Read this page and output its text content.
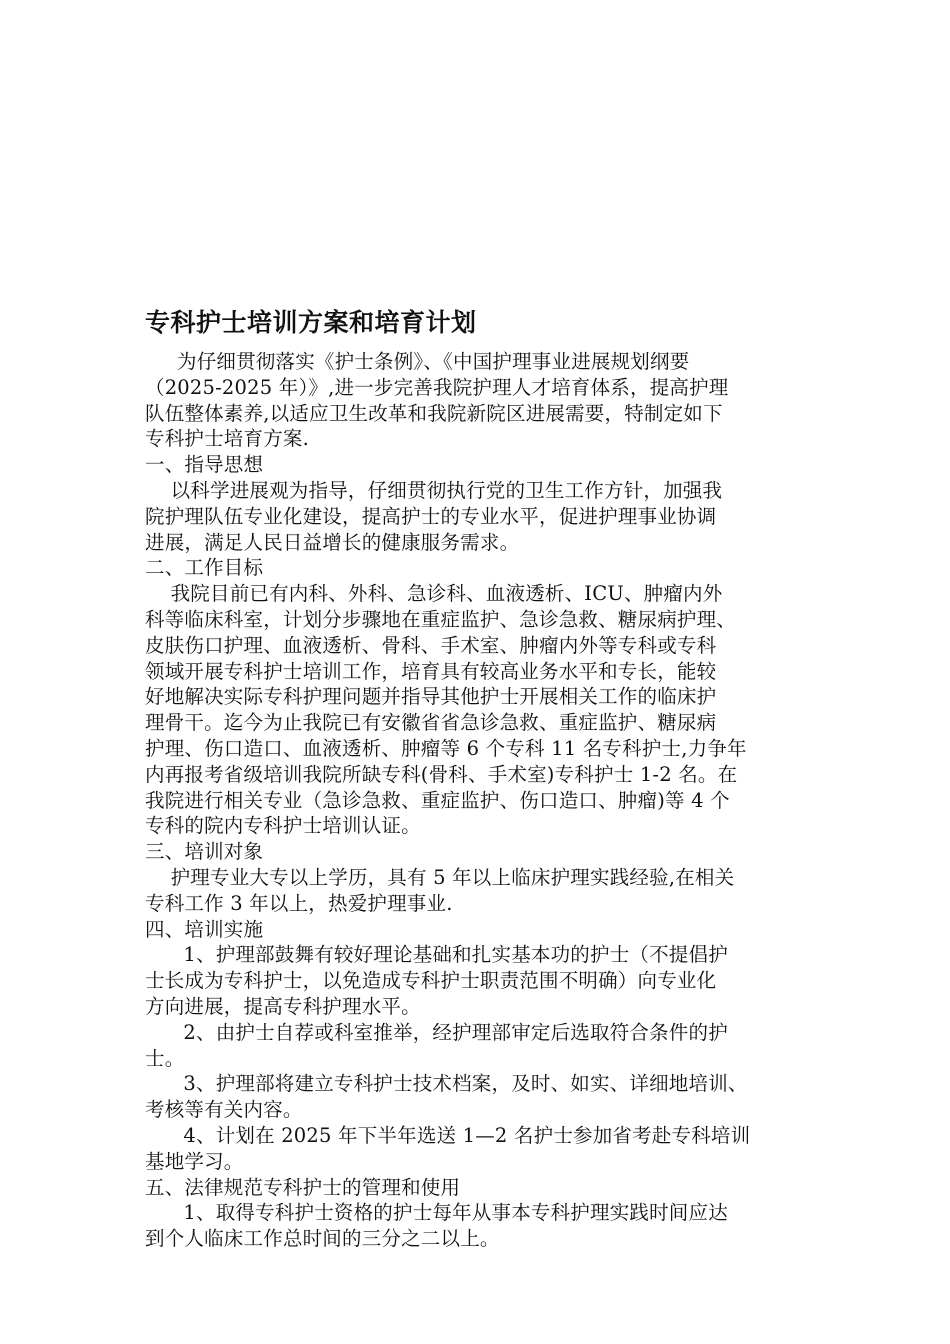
专科护士培训方案和培育计划
为仔细贯彻落实《护士条例》、《中国护理事业进展规划纲要
（2025-2025 年）》,进一步完善我院护理人才培育体系，提高护理
队伍整体素养,以适应卫生改革和我院新院区进展需要，特制定如下
专科护士培育方案.
一、指导思想
以科学进展观为指导，仔细贯彻执行党的卫生工作方针，加强我
院护理队伍专业化建设，提高护士的专业水平，促进护理事业协调
进展，满足人民日益增长的健康服务需求。
二、工作目标
我院目前已有内科、外科、急诊科、血液透析、ICU、肿瘤内外
科等临床科室，计划分步骤地在重症监护、急诊急救、糖尿病护理、
皮肤伤口护理、血液透析、骨科、手术室、肿瘤内外等专科或专科
领域开展专科护士培训工作，培育具有较高业务水平和专长，能较
好地解决实际专科护理问题并指导其他护士开展相关工作的临床护
理骨干。迄今为止我院已有安徽省省急诊急救、重症监护、糖尿病
护理、伤口造口、血液透析、肿瘤等 6 个专科 11 名专科护士,力争年
内再报考省级培训我院所缺专科(骨科、手术室)专科护士 1-2 名。在
我院进行相关专业（急诊急救、重症监护、伤口造口、肿瘤)等 4 个
专科的院内专科护士培训认证。
三、培训对象
护理专业大专以上学历，具有 5 年以上临床护理实践经验,在相关
专科工作 3 年以上，热爱护理事业.
四、培训实施
1、护理部鼓舞有较好理论基础和扎实基本功的护士（不提倡护
士长成为专科护士，以免造成专科护士职责范围不明确）向专业化
方向进展，提高专科护理水平。
2、由护士自荐或科室推举，经护理部审定后选取符合条件的护
士。
3、护理部将建立专科护士技术档案，及时、如实、详细地培训、
考核等有关内容。
4、计划在 2025 年下半年选送 1—2 名护士参加省考赴专科培训
基地学习。
五、法律规范专科护士的管理和使用
1、取得专科护士资格的护士每年从事本专科护理实践时间应达
到个人临床工作总时间的三分之二以上。
